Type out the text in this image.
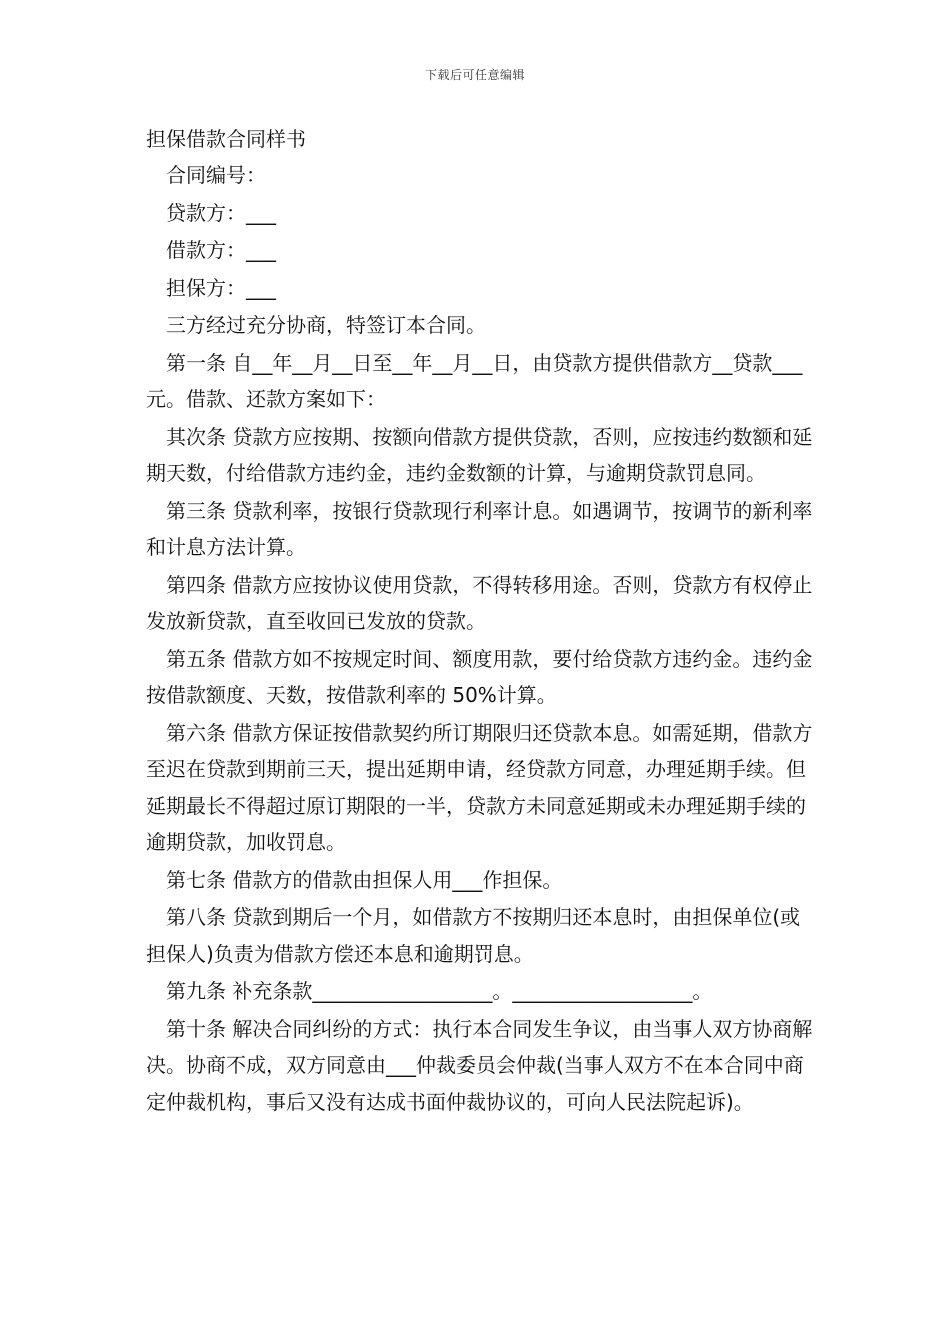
下载后可任意编辑

担保借款合同样书

合同编号：

贷款方：___

借款方：___

担保方：___

三方经过充分协商，特签订本合同。

第一条 自__年__月__日至__年__月__日，由贷款方提供借款方__贷款___元。借款、还款方案如下：

其次条 贷款方应按期、按额向借款方提供贷款，否则，应按违约数额和延期天数，付给借款方违约金，违约金数额的计算，与逾期贷款罚息同。

第三条 贷款利率，按银行贷款现行利率计息。如遇调节，按调节的新利率和计息方法计算。

第四条 借款方应按协议使用贷款，不得转移用途。否则，贷款方有权停止发放新贷款，直至收回已发放的贷款。

第五条 借款方如不按规定时间、额度用款，要付给贷款方违约金。违约金按借款额度、天数，按借款利率的 50%计算。

第六条 借款方保证按借款契约所订期限归还贷款本息。如需延期，借款方至迟在贷款到期前三天，提出延期申请，经贷款方同意，办理延期手续。但延期最长不得超过原订期限的一半，贷款方未同意延期或未办理延期手续的逾期贷款，加收罚息。

第七条 借款方的借款由担保人用___作担保。

第八条 贷款到期后一个月，如借款方不按期归还本息时，由担保单位(或担保人)负责为借款方偿还本息和逾期罚息。

第九条 补充条款__________________。__________________。

第十条 解决合同纠纷的方式：执行本合同发生争议，由当事人双方协商解决。协商不成，双方同意由___仲裁委员会仲裁(当事人双方不在本合同中商定仲裁机构，事后又没有达成书面仲裁协议的，可向人民法院起诉)。
